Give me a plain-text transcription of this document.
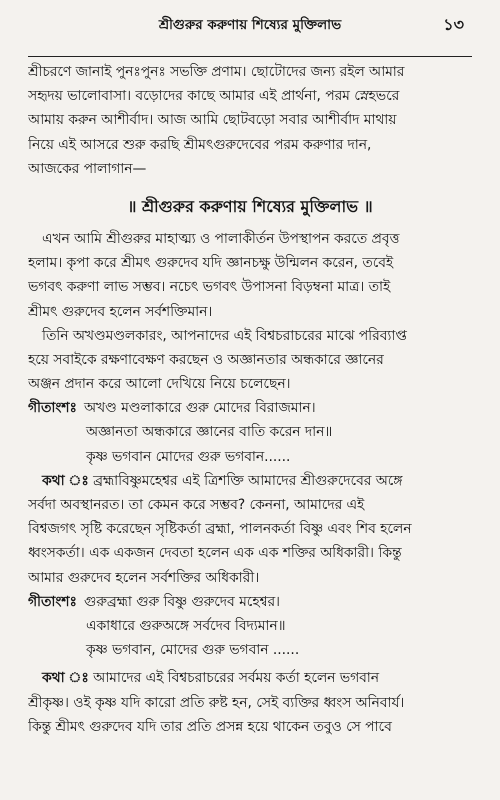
শ্রীগুরুর করুণায় শিষ্যের মুক্তিলাভ	১৩
শ্রীচরণে জানাই পুনঃপুনঃ সভক্তি প্রণাম। ছোটোদের জন্য রইল আমার
সহৃদয় ভালোবাসা। বড়োদের কাছে আমার এই প্রার্থনা, পরম স্নেহভরে
আমায় করুন আশীর্বাদ। আজ আমি ছোটবড়ো সবার আশীর্বাদ মাথায়
নিয়ে এই আসরে শুরু করছি শ্রীমৎগুরুদেবের পরম করুণার দান,
আজকের পালাগান—
॥ শ্রীগুরুর করুণায় শিষ্যের মুক্তিলাভ ॥
এখন আমি শ্রীগুরুর মাহাত্ম্য ও পালাকীর্তন উপস্থাপন করতে প্রবৃত্ত
হলাম। কৃপা করে শ্রীমৎ গুরুদেব যদি জ্ঞানচক্ষু উন্মিলন করেন, তবেই
ভগবৎ করুণা লাভ সম্ভব। নচেৎ ভগবৎ উপাসনা বিড়ম্বনা মাত্র। তাই
শ্রীমৎ গুরুদেব হলেন সর্বশক্তিমান।
তিনি অখণ্ডমণ্ডলকারং, আপনাদের এই বিশ্বচরাচরের মাঝে পরিব্যাপ্ত
হয়ে সবাইকে রক্ষণাবেক্ষণ করছেন ও অজ্ঞানতার অন্ধকারে জ্ঞানের
অঞ্জন প্রদান করে আলো দেখিয়ে নিয়ে চলেছেন।
গীতাংশঃ অখণ্ড মণ্ডলাকারে গুরু মোদের বিরাজমান।
অজ্ঞানতা অন্ধকারে জ্ঞানের বাতি করেন দান॥
কৃষ্ণ ভগবান মোদের গুরু ভগবান......
কথা ঃ ব্রহ্মাবিষ্ণুমহেশ্বর এই ত্রিশক্তি আমাদের শ্রীগুরুদেবের অঙ্গে
সর্বদা অবস্থানরত। তা কেমন করে সম্ভব? কেননা, আমাদের এই
বিশ্বজগৎ সৃষ্টি করেছেন সৃষ্টিকর্তা ব্রহ্মা, পালনকর্তা বিষ্ণু এবং শিব হলেন
ধ্বংসকর্তা। এক একজন দেবতা হলেন এক এক শক্তির অধিকারী। কিন্তু
আমার গুরুদেব হলেন সর্বশক্তির অধিকারী।
গীতাংশঃ গুরুব্রহ্মা গুরু বিষ্ণু গুরুদেব মহেশ্বর।
একাধারে গুরুঅঙ্গে সর্বদেব বিদ্যমান॥
কৃষ্ণ ভগবান, মোদের গুরু ভগবান ......
কথা ঃ আমাদের এই বিশ্বচরাচরের সর্বময় কর্তা হলেন ভগবান
শ্রীকৃষ্ণ। ওই কৃষ্ণ যদি কারো প্রতি রুষ্ট হন, সেই ব্যক্তির ধ্বংস অনিবার্য।
কিন্তু শ্রীমৎ গুরুদেব যদি তার প্রতি প্রসন্ন হয়ে থাকেন তবুও সে পাবে
